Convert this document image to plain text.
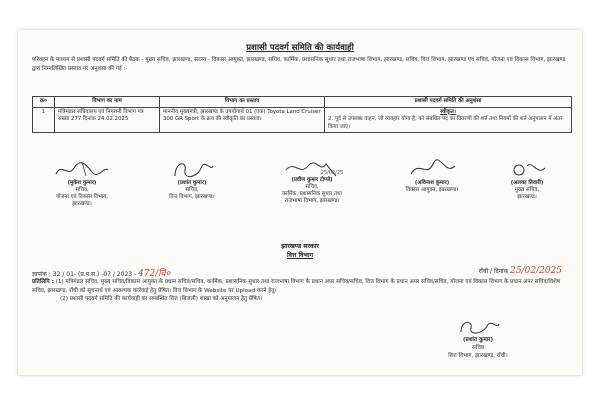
प्रशासी पदवर्ग समिति की कार्यवाही
परिवहन के माध्यम से प्रशासी पदवर्ग समिति की बैठक - मुख्य सचिव, झारखण्ड, सदस्य - विकास आयुक्त, झारखण्ड, सचिव, कार्मिक, प्रशासनिक सुधार तथा राजभाषा विभाग, झारखण्ड, सचिव, वित्त विभाग, झारखण्ड एवं सचिव, योजना एवं विकास विभाग, झारखण्ड द्वारा निम्नलिखित प्रस्ताव पर अनुशंसा की गई :-
क्र०	विभाग का नाम	विभाग का प्रस्ताव	प्रशासी पदवर्ग समिति की अनुशंसा
1	मंत्रिमंडल सचिवालय एवं निगरानी विभाग पत्र संख्या 277 दिनांक 24.02.2025	माननीय मुख्यमंत्री, झारखण्ड के उपयोगार्थ 01 (एक) Toyota Land Cruiser 300 GR Sport के क्रय की स्वीकृति का प्रस्ताव।	स्वीकृत।
2. पूर्व से उपलब्ध वाहन, जो व्यवहार योग्य है, को संबंधित पद का विवरणी की शर्त तथा नियमों की शर्त अनुपालन में अंतर किया जाए।
(मुकेश कुमार)
सचिव,
योजना एवं विकास विभाग,
झारखण्ड।
(प्रशांत कुमार)
सचिव,
वित्त विभाग, झारखण्ड।
25/02/25
(प्रवीण कुमार टोप्पो)
सचिव,
कार्मिक, प्रशासनिक सुधार तथा
राजभाषा विभाग, झारखण्ड।
(अविनाश कुमार)
विकास आयुक्त, झारखण्ड।
(अलका तिवारी)
मुख्य सचिव,
झारखण्ड।
झारखण्ड सरकार
वित्त विभाग
ज्ञापांक : 32 / 01- (प्र.प.स.) -07 / 2023 - 472/वि०	राँची / दिनांक 25/02/2025
प्रतिलिपि : (1) मंत्रिमंडल सचिव, मुख्य सचिव/विकास आयुक्त के प्रधान सचिव/सचिव, कार्मिक, प्रशासनिक सुधार तथा राजभाषा विभाग के प्रधान अपर सचिव/सचिव, वित्त विभाग के प्रधान अपर सचिव/सचिव, योजना एवं विकास विभाग के प्रधान अपर सचिव/विशेष सचिव, झारखण्ड, राँची को सूचनार्थ एवं आवश्यक कार्रवाई हेतु प्रेषित। वित्त विभाग के Website पर Upload करने हेतु।
(2) प्रशासी पदवर्ग समिति की कार्यवाही का सम्बन्धित वित्त (बिजली) शाखा को अनुपालन हेतु प्रेषित।
(प्रशांत कुमार)
सचिव
वित्त विभाग, झारखण्ड, राँची।
